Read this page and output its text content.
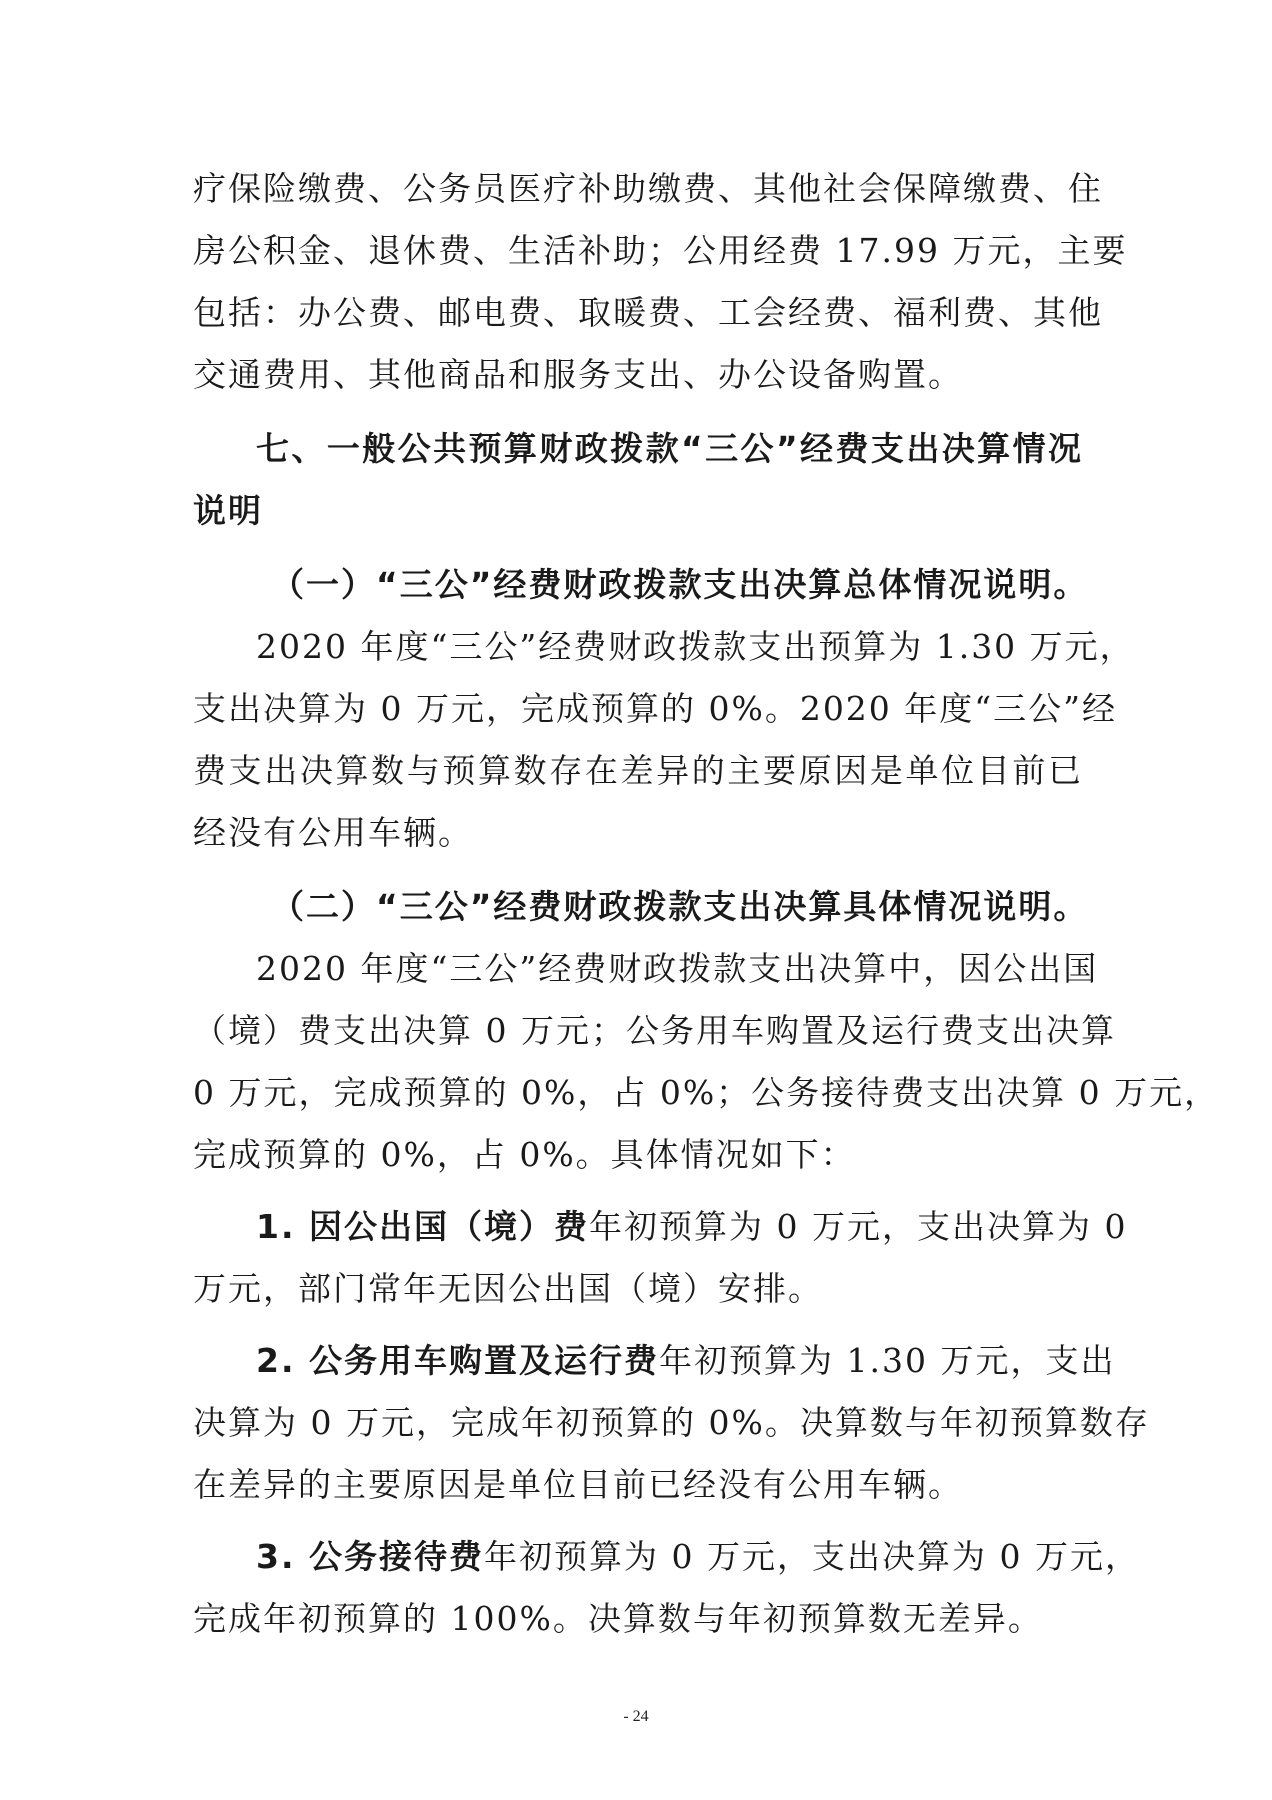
疗保险缴费、公务员医疗补助缴费、其他社会保障缴费、住
房公积金、退休费、生活补助；公用经费 17.99 万元，主要
包括：办公费、邮电费、取暖费、工会经费、福利费、其他
交通费用、其他商品和服务支出、办公设备购置。
七、一般公共预算财政拨款“三公”经费支出决算情况
说明
（一）“三公”经费财政拨款支出决算总体情况说明。
2020 年度“三公”经费财政拨款支出预算为 1.30 万元，
支出决算为 0 万元，完成预算的 0%。2020 年度“三公”经
费支出决算数与预算数存在差异的主要原因是单位目前已
经没有公用车辆。
（二）“三公”经费财政拨款支出决算具体情况说明。
2020 年度“三公”经费财政拨款支出决算中，因公出国
（境）费支出决算 0 万元；公务用车购置及运行费支出决算
0 万元，完成预算的 0%，占 0%；公务接待费支出决算 0 万元，
完成预算的 0%，占 0%。具体情况如下：
1. 因公出国（境）费年初预算为 0 万元，支出决算为 0
万元，部门常年无因公出国（境）安排。
2. 公务用车购置及运行费年初预算为 1.30 万元，支出
决算为 0 万元，完成年初预算的 0%。决算数与年初预算数存
在差异的主要原因是单位目前已经没有公用车辆。
3. 公务接待费年初预算为 0 万元，支出决算为 0 万元，
完成年初预算的 100%。决算数与年初预算数无差异。
- 24
